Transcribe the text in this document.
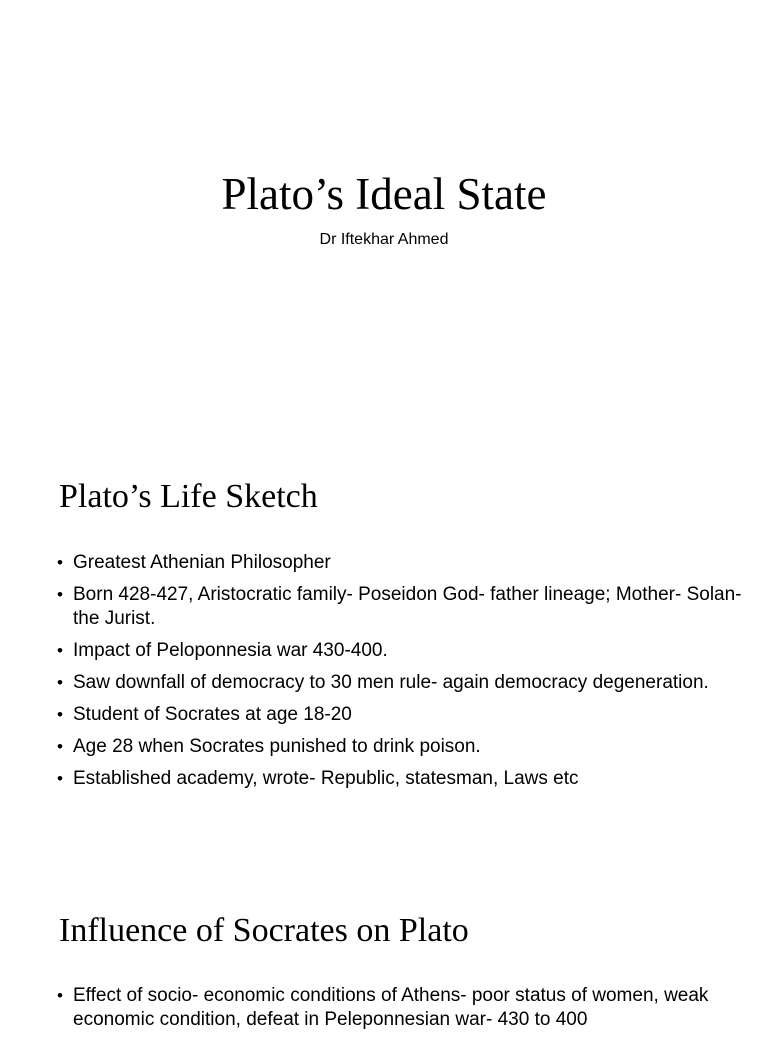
Plato’s Ideal State
Dr Iftekhar Ahmed
Plato’s Life Sketch
• Greatest Athenian Philosopher
• Born 428-427, Aristocratic family- Poseidon God- father lineage; Mother- Solan- the Jurist.
• Impact of Peloponnesia war 430-400.
• Saw downfall of democracy to 30 men rule- again democracy degeneration.
• Student of Socrates at age 18-20
• Age 28 when Socrates punished to drink poison.
• Established academy, wrote- Republic, statesman, Laws etc
Influence of Socrates on Plato
• Effect of socio- economic conditions of Athens- poor status of women, weak economic condition, defeat in Peleponnesian war- 430 to 400
